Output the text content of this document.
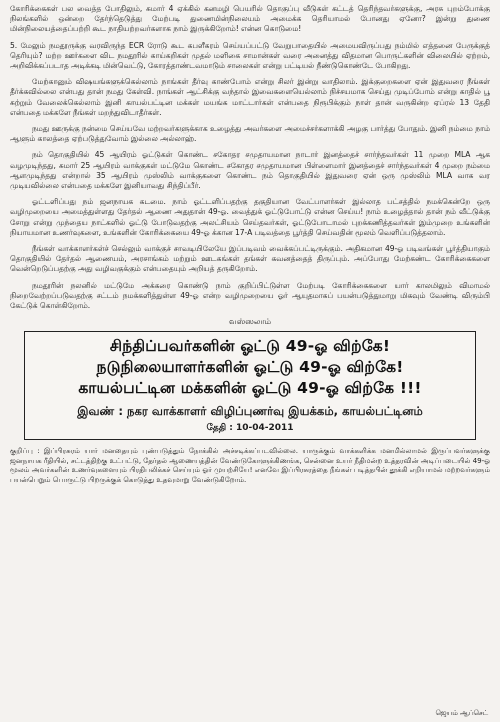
கோரிக்கைகள் பல வைத்த போதிலும், சுமார் 4 ஏக்கில் கனமழி பெயரில் தொகுப்பு வீடுகள் கட்டத் தெரிந்தவர்களுக்கு, அரசு புறம்போக்கு நிலங்களில் ஒன்றை தேர்ந்தெடுத்து மேற்படி துணைமின்நிலையம் அமைக்க தெரியாமல் போனது ஏனோ? இன்று துணை மின்நிலையத்தைப்பற்றி கூட நாதியற்றவர்களாக நாம் இருக்கிறோம்! என்ன கொடுமை!

5. மேலும் நமதூருக்கு வரவிருந்த ECR ரோடு கூட கபளீகரம் செய்யப்பட்டு வேறுபாதையில் அமையவிருப்பது நம்மில் எத்தனை பேருக்குத் தெரியும்? மற்ற ஊர்களை விட நமதூரில் காய்கறிகள் முதல் மளிகை சாமான்கள் வரை அனைத்து விதமான பொருட்களின் விலையில் ஏற்றம், அறிவிக்கப்படாத அடிக்கடி மின்வெட்டு, கோரத்தாண்டவமாடும் சாலைகள் என்று பட்டியல் நீண்டுகொண்டே போகிறது.

மேற்கானும் விஷயங்களுக்கெல்லாம் நாங்கள் தீர்வு காண்போம் என்று சிலர் இன்று வாதிலாம். இக்குறைகளை ஏன் இதுவரை நீங்கள் தீர்க்கவில்லை என்பது தான் நமது கேள்வி. நாங்கள் ஆட்சிக்கு வந்தால் இவைகளையெல்லாம் நிச்சயமாக செய்து முடிப்போம் என்று காதில் பூ சுற்றும் வேலைக்கெல்லாம் இனி காயல்பட்டின மக்கள் மயங்க மாட்டார்கள் என்பதை நிரூபிக்கும் நாள் தான் வருகின்ற ஏப்ரல் 13 தேதி என்பதை மக்களே நீங்கள் மறந்துவிடாதீர்கள்.

நமது ஊருக்கு நன்மை செய்யவே மற்றவர்களுக்காக உழைத்து அவர்களை அமைச்சர்களாக்கி அழகு பார்த்து போதும். இனி நம்மை நாம் ஆளும் காலத்தை ஏற்படுத்துவோம் இல்லை அல்லாஹ்.

நம் தொகுதியில் 45 ஆயிரம் ஓட்டுகள் கொண்ட சகோதர சமுதாயமான நாடார் இனத்தைச் சார்ந்தவர்கள் 11 முறை MLA ஆக வழமுடிந்தது, சுமார் 25 ஆயிரம் வாக்குகள் மட்டுமே கொண்ட சகோதர சமுதாயமான பிள்ளைமார் இனத்தைச் சார்ந்தவர்கள் 4 முறை நம்மை ஆளமுடிந்தது என்றால் 35 ஆயிரம் முஸ்லிம் வாக்குகளை கொண்ட நம் தொகுதியில் இதுவரை ஏன் ஒரு முஸ்லிம் MLA வாக வர முடியவில்லை என்பதை மக்களே இனியாவது சிந்திப்பீர்.

ஓட்டளிப்பது நம் ஜனநாயக கடமை. நாம் ஓட்டளிப்பதற்கு தகுதியான வேட்பாளர்கள் இல்லாத பட்சத்தில் நமக்கென்றே ஒரு வழிமுறையை அமைத்துள்ளது தேர்தல் ஆணை அதுதான் 49-ஓ. வைத்துக் ஓட்டுபோட்டு என்ன செய்ய! நாம் உழைத்தால் தான் நம் வீட்டுக்கு சோறு என்று முந்தைய நாட்களில் ஓட்டு போடுவதற்கு அலட்சியம் செய்தவர்கள், ஓட்டுபோடாமல் புறக்கணித்தவர்கள் இம்முறை உங்களின் நியாயமான உணர்வுகளை, உங்களின் கோரிக்கையை 49-ஓ க்கான 17-A படிவத்தை பூர்த்தி செய்வதின் மூலம் வெளிப்படுத்தலாம்.

நீங்கள் வாக்காளர்கள்ச் செல்லும் வாக்குச் சாவடியிலேயே இப்படிவம் வைக்கப்பட்டிருக்கும். அதிகமான 49-ஓ படிவங்கள் பூர்த்தியாகும் தொகுதியில் தேர்தல் ஆணையம், அரசாங்கம் மற்றும் ஊடகங்கள் தங்கள் கவனத்தைத் திருப்பும். அப்போது மேற்கண்ட கோரிக்கைகளை வென்றெடுப்பதற்கு அது வழிவகுக்கும் என்பதையும் அறியத் தருகிறோம்.

நமதூரின் நலனில் மட்டுமே அக்கரை கொண்டு நாம் குறிப்பிட்டுள்ள மேற்படி கோரிக்கைகளை யார் காலமிலும் விமாமல் நிறைவேற்றப்படுவதற்கு சட்டம் நமக்களித்துள்ள 49-ஓ என்ற வழிமுறையை ஓர் ஆயுதமாகப் பயன்படுத்துமாறு மிகவும் வேண்டி விரும்பி கேட்டுக் கொள்கிறோம்.

வஸ்ஸலாம்
சிந்திப்பவர்களின் ஓட்டு 49-ஓ விற்கே!
நடுநிலையாளர்களின் ஓட்டு 49-ஓ விற்கே!
காயல்பட்டின மக்களின் ஓட்டு 49-ஓ விற்கே !!!
இவண் : நகர வாக்காளர் விழிப்புணர்வு இயக்கம், காயல்பட்டினம்
தேதி : 10-04-2011

குறிப்பு : இப்பிரசுரம் யார் மனதையும் புண்படுத்தும் நோக்கில் அச்சடிக்கப்படவில்லை. யாருக்கும் வாக்களிக்க மனமில்லாமல் இருப்பவர்களுக்கு ஜனநாயக ரீதியில், சட்டத்திற்கு உட்பட்டு, தேர்தல் ஆணையத்தின் வேண்டுகோளுக்கிணங்க, சென்னை உயர் நீதிமன்ற உத்தரவின் அடிப்படையில் 49-ஓ மூலம் அவர்களின் உணர்வுகளையும் பிரதிபலிக்கச் செய்யும் ஓர் முயற்சியே! எனவே இப்பிரசுரத்தை நீங்கள் படித்தபின் தூக்கி எறியாமல் மற்றவர்களும் பயன்பெறும் பொருட்டு பிறருக்குக் கொடுத்து உதவுமாறு வேண்டுகிறோம்.

ஜெயம் ஆப்செட்
